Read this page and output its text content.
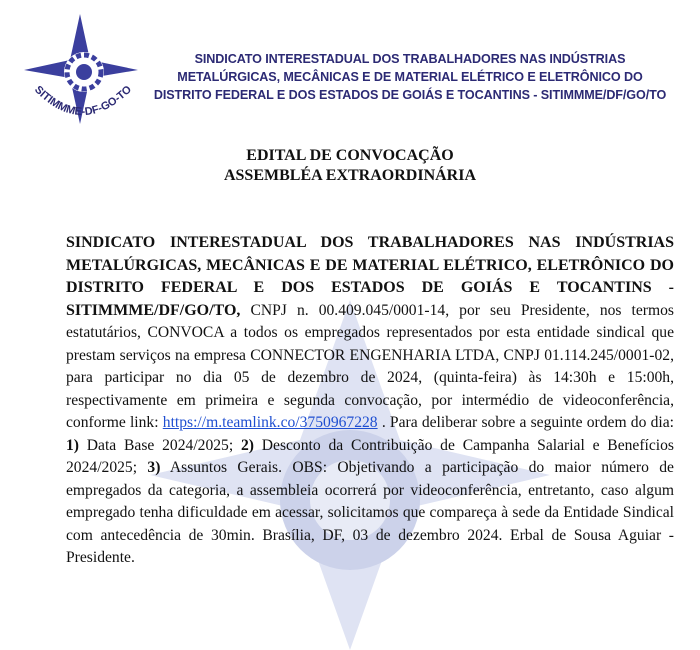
SITIMMME-DF-GO-TO
SINDICATO INTERESTADUAL DOS TRABALHADORES NAS INDÚSTRIAS
METALÚRGICAS, MECÂNICAS E DE MATERIAL ELÉTRICO E ELETRÔNICO DO
DISTRITO FEDERAL E DOS ESTADOS DE GOIÁS E TOCANTINS - SITIMMME/DF/GO/TO
EDITAL DE CONVOCAÇÃO
ASSEMBLÉA EXTRAORDINÁRIA

SINDICATO INTERESTADUAL DOS TRABALHADORES NAS INDÚSTRIAS METALÚRGICAS, MECÂNICAS E DE MATERIAL ELÉTRICO, ELETRÔNICO DO DISTRITO FEDERAL E DOS ESTADOS DE GOIÁS E TOCANTINS - SITIMMME/DF/GO/TO, CNPJ n. 00.409.045/0001-14, por seu Presidente, nos termos estatutários, CONVOCA a todos os empregados representados por esta entidade sindical que prestam serviços na empresa CONNECTOR ENGENHARIA LTDA, CNPJ 01.114.245/0001-02, para participar no dia 05 de dezembro de 2024, (quinta-feira) às 14:30h e 15:00h, respectivamente em primeira e segunda convocação, por intermédio de videoconferência, conforme link: https://m.teamlink.co/3750967228 . Para deliberar sobre a seguinte ordem do dia: 1) Data Base 2024/2025; 2) Desconto da Contribuição de Campanha Salarial e Benefícios 2024/2025; 3) Assuntos Gerais. OBS: Objetivando a participação do maior número de empregados da categoria, a assembleia ocorrerá por videoconferência, entretanto, caso algum empregado tenha dificuldade em acessar, solicitamos que compareça à sede da Entidade Sindical com antecedência de 30min. Brasília, DF, 03 de dezembro 2024. Erbal de Sousa Aguiar - Presidente.
